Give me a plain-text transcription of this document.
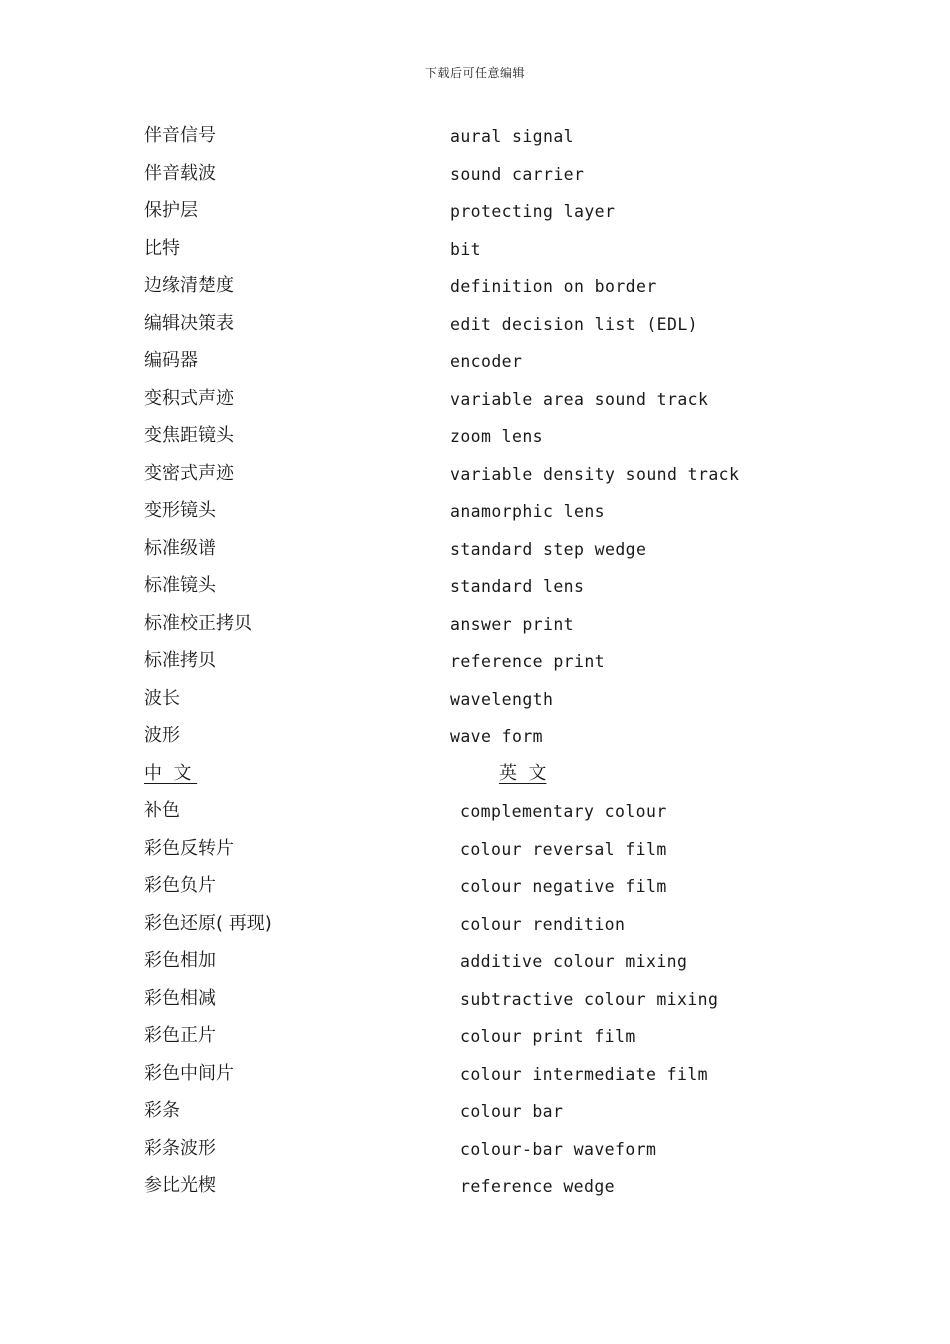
下载后可任意编辑
伴音信号	aural signal
伴音载波	sound carrier
保护层	protecting layer
比特	bit
边缘清楚度	definition on border
编辑决策表	edit decision list (EDL)
编码器	encoder
变积式声迹	variable area sound track
变焦距镜头	zoom lens
变密式声迹	variable density sound track
变形镜头	anamorphic lens
标准级谱	standard step wedge
标准镜头	standard lens
标准校正拷贝	answer print
标准拷贝	reference print
波长	wavelength
波形	wave form
中  文	英  文
补色	complementary colour
彩色反转片	colour reversal film
彩色负片	colour negative film
彩色还原( 再现)	colour rendition
彩色相加	additive colour mixing
彩色相减	subtractive colour mixing
彩色正片	colour print film
彩色中间片	colour intermediate film
彩条	colour bar
彩条波形	colour-bar waveform
参比光楔	reference wedge
